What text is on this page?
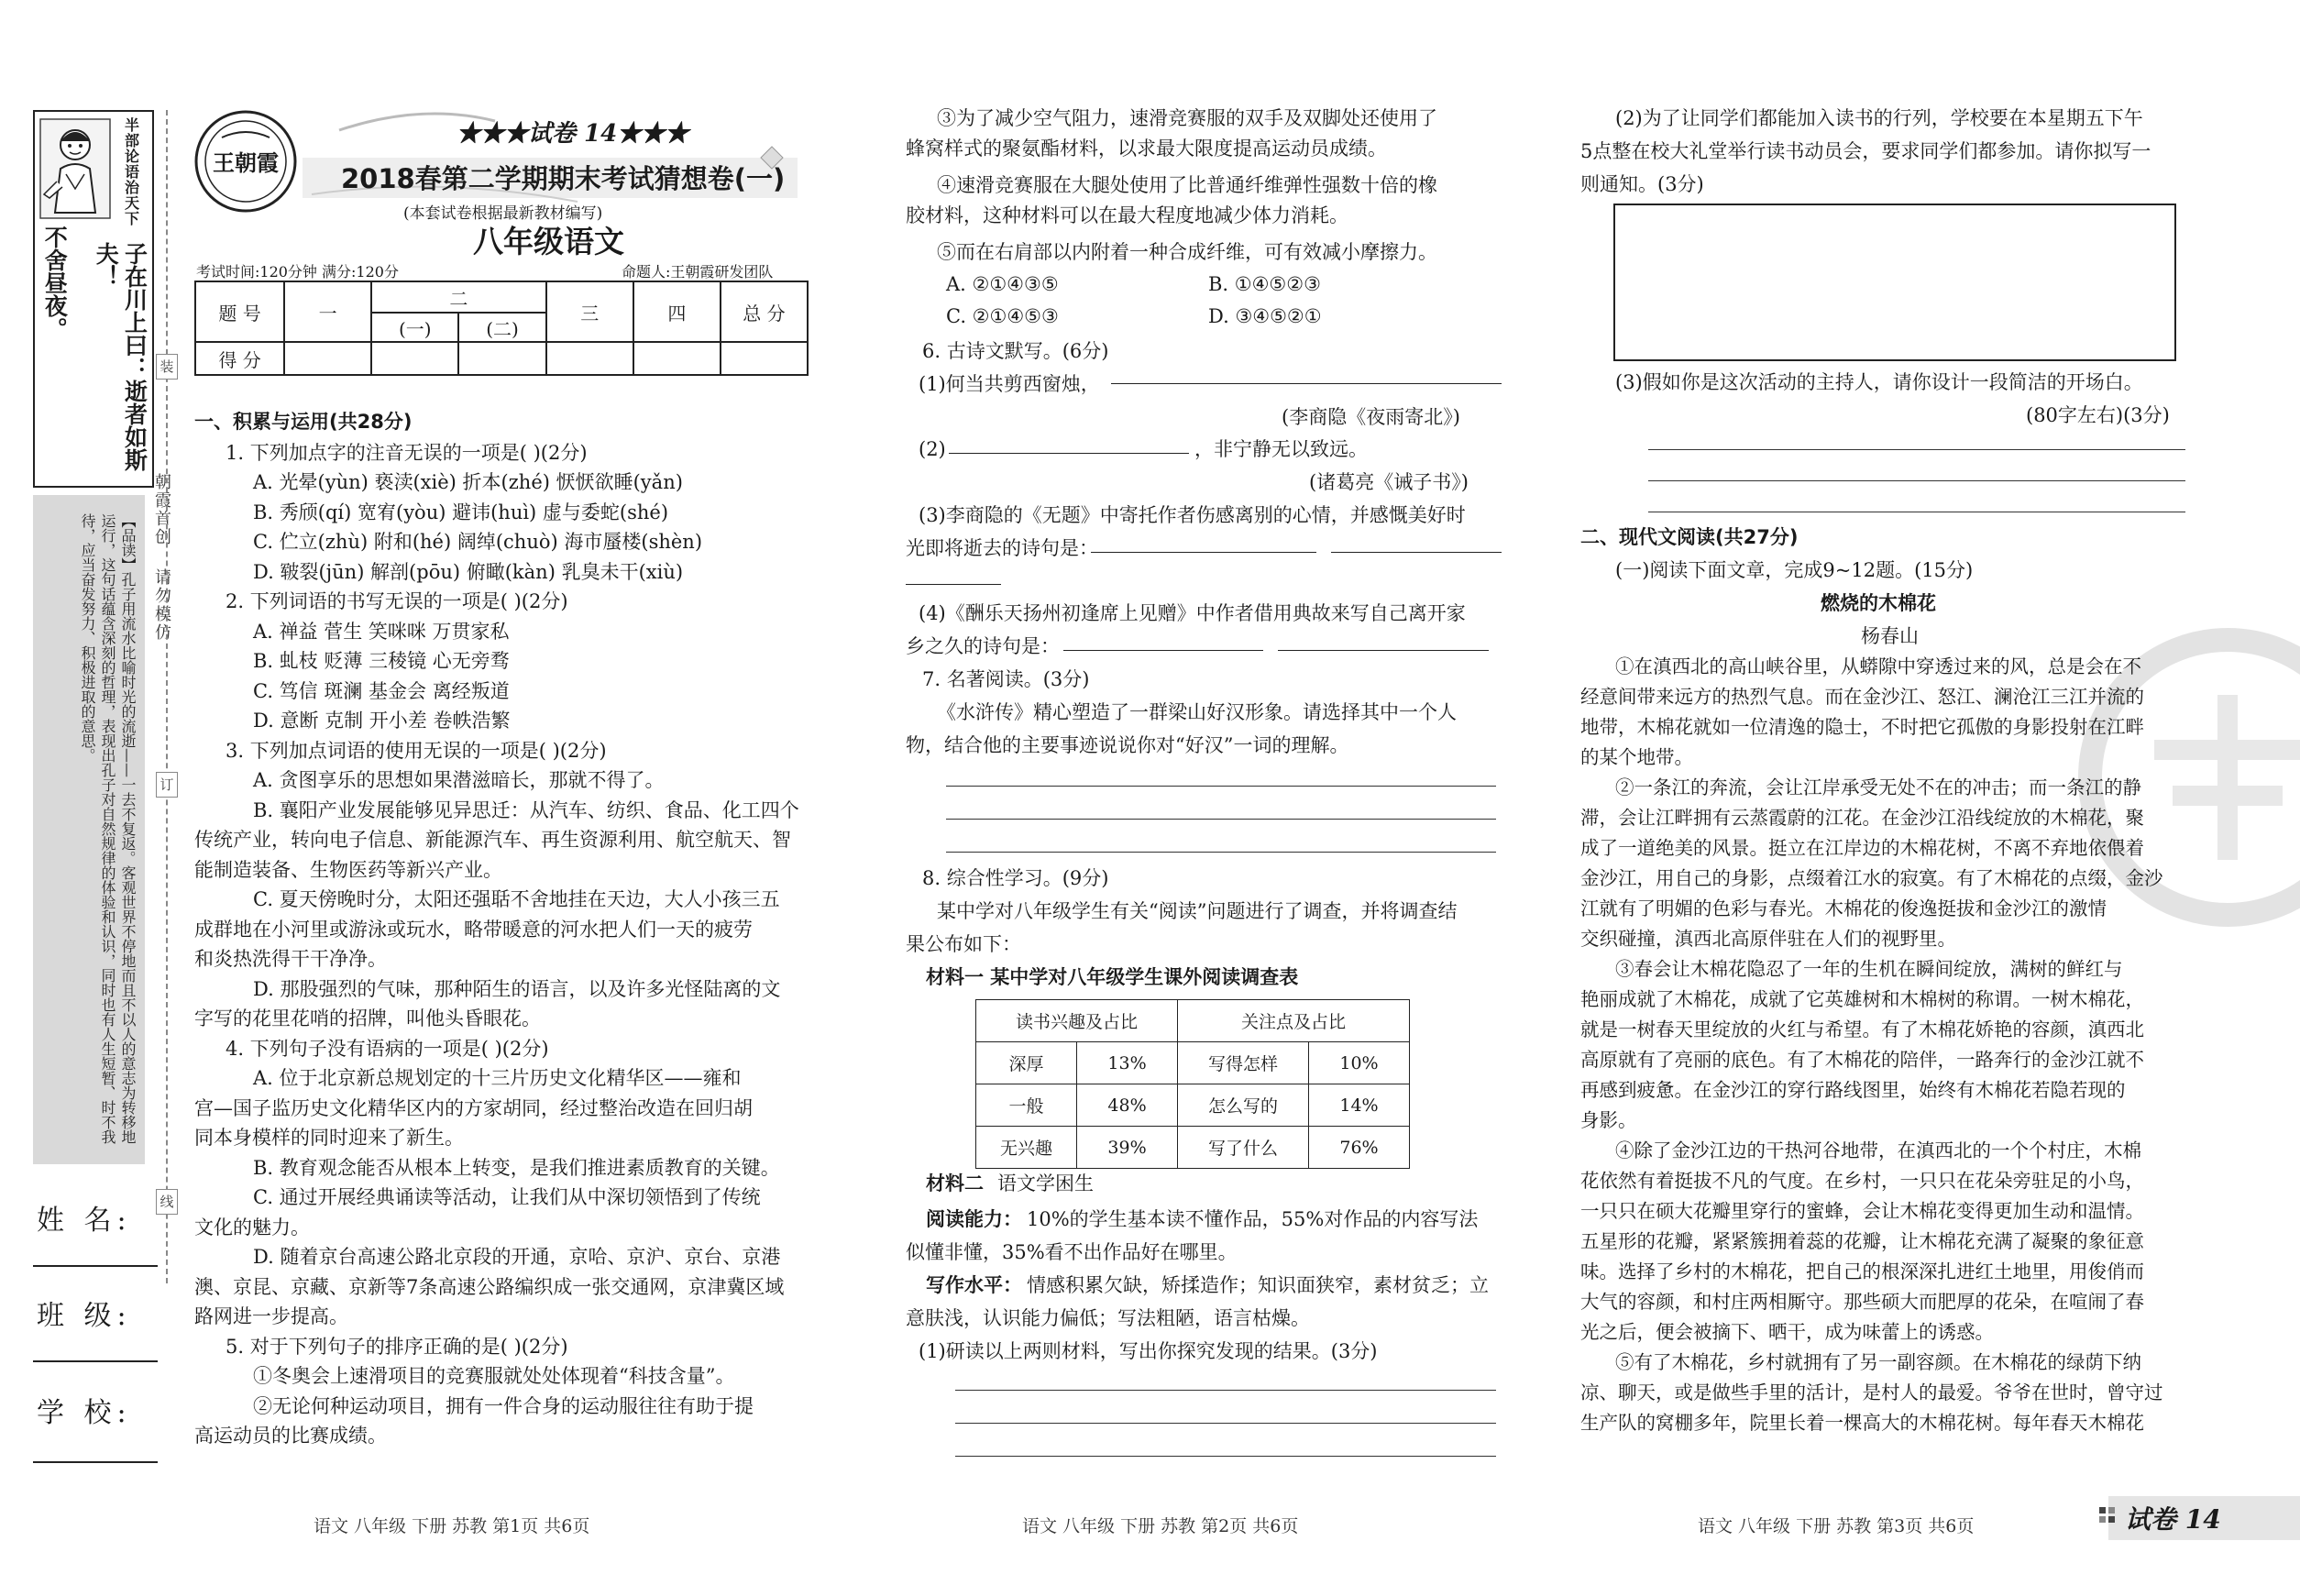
半
部
论
语
治
天
下
不舍昼夜。	子在川上曰：逝者如斯夫！
【品读】孔子用流水比喻时光的流逝——一去不复返。客观世界不停地而且不以人的意志为转移地运行，这句话蕴含深刻的哲理，表现出孔子对自然规律的体验和认识，同时也有人生短暂、时不我待，应当奋发努力、积极进取的意思。
朝霞首创
请勿模仿
装
订
线
姓 名:
班 级:
学 校:
王朝霞
★★★试卷 14★★★
2018春第二学期期末考试猜想卷(一)
(本套试卷根据最新教材编写)
八年级语文
考试时间:120分钟 满分:120分	命题人:王朝霞研发团队
题 号	一	二		三	四	总 分
		(一)	(二)			
得 分						
一、积累与运用(共28分)
1. 下列加点字的注音无误的一项是( )(2分)
A. 光晕(yùn) 亵渎(xiè) 折本(zhé) 恹恹欲睡(yǎn)
B. 秀颀(qí) 宽宥(yòu) 避讳(huì) 虚与委蛇(shé)
C. 伫立(zhù) 附和(hé) 阔绰(chuò) 海市蜃楼(shèn)
D. 皲裂(jūn) 解剖(pōu) 俯瞰(kàn) 乳臭未干(xiù)
2. 下列词语的书写无误的一项是( )(2分)
A. 禅益 菅生 笑咪咪 万贯家私
B. 虬枝 贬薄 三稜镜 心无旁骛
C. 笃信 斑澜 基金会 离经叛道
D. 意断 克制 开小差 卷帙浩繁
3. 下列加点词语的使用无误的一项是( )(2分)
A. 贪图享乐的思想如果潜滋暗长，那就不得了。
B. 襄阳产业发展能够见异思迁：从汽车、纺织、食品、化工四个
传统产业，转向电子信息、新能源汽车、再生资源利用、航空航天、智
能制造装备、生物医药等新兴产业。
C. 夏天傍晚时分，太阳还强聒不舍地挂在天边，大人小孩三五
成群地在小河里或游泳或玩水，略带暖意的河水把人们一天的疲劳
和炎热洗得干干净净。
D. 那股强烈的气味，那种陌生的语言，以及许多光怪陆离的文
字写的花里花哨的招牌，叫他头昏眼花。
4. 下列句子没有语病的一项是( )(2分)
A. 位于北京新总规划定的十三片历史文化精华区——雍和
宫—国子监历史文化精华区内的方家胡同，经过整治改造在回归胡
同本身模样的同时迎来了新生。
B. 教育观念能否从根本上转变，是我们推进素质教育的关键。
C. 通过开展经典诵读等活动，让我们从中深切领悟到了传统
文化的魅力。
D. 随着京台高速公路北京段的开通，京哈、京沪、京台、京港
澳、京昆、京藏、京新等7条高速公路编织成一张交通网，京津冀区域
路网进一步提高。
5. 对于下列句子的排序正确的是( )(2分)
①冬奥会上速滑项目的竞赛服就处处体现着“科技含量”。
②无论何种运动项目，拥有一件合身的运动服往往有助于提
高运动员的比赛成绩。
语文 八年级 下册 苏教 第1页 共6页
③为了减少空气阻力，速滑竞赛服的双手及双脚处还使用了
蜂窝样式的聚氨酯材料，以求最大限度提高运动员成绩。
④速滑竞赛服在大腿处使用了比普通纤维弹性强数十倍的橡
胶材料，这种材料可以在最大程度地减少体力消耗。
⑤而在右肩部以内附着一种合成纤维，可有效减小摩擦力。
A. ②①④③⑤	B. ①④⑤②③
C. ②①④⑤③	D. ③④⑤②①
6. 古诗文默写。(6分)
(1)何当共剪西窗烛，
(李商隐《夜雨寄北》)
(2)	，非宁静无以致远。
(诸葛亮《诫子书》)
(3)李商隐的《无题》中寄托作者伤感离别的心情，并感慨美好时
光即将逝去的诗句是：
(4)《酬乐天扬州初逢席上见赠》中作者借用典故来写自己离开家
乡之久的诗句是：
7. 名著阅读。(3分)
《水浒传》精心塑造了一群梁山好汉形象。请选择其中一个人
物，结合他的主要事迹说说你对“好汉”一词的理解。
8. 综合性学习。(9分)
某中学对八年级学生有关“阅读”问题进行了调查，并将调查结
果公布如下：
材料一 某中学对八年级学生课外阅读调查表
读书兴趣及占比		关注点及占比	
深厚	13%	写得怎样	10%
一般	48%	怎么写的	14%
无兴趣	39%	写了什么	76%
材料二 语文学困生
阅读能力： 10%的学生基本读不懂作品，55%对作品的内容写法
似懂非懂，35%看不出作品好在哪里。
写作水平： 情感积累欠缺，矫揉造作；知识面狭窄，素材贫乏；立
意肤浅，认识能力偏低；写法粗陋，语言枯燥。
(1)研读以上两则材料，写出你探究发现的结果。(3分)
语文 八年级 下册 苏教 第2页 共6页
(2)为了让同学们都能加入读书的行列，学校要在本星期五下午
5点整在校大礼堂举行读书动员会，要求同学们都参加。请你拟写一
则通知。(3分)
(3)假如你是这次活动的主持人，请你设计一段简洁的开场白。
(80字左右)(3分)
二、现代文阅读(共27分)
(一)阅读下面文章，完成9~12题。(15分)
燃烧的木棉花
杨春山
①在滇西北的高山峡谷里，从蟒隙中穿透过来的风，总是会在不
经意间带来远方的热烈气息。而在金沙江、怒江、澜沧江三江并流的
地带，木棉花就如一位清逸的隐士，不时把它孤傲的身影投射在江畔
的某个地带。
②一条江的奔流，会让江岸承受无处不在的冲击；而一条江的静
滞，会让江畔拥有云蒸霞蔚的江花。在金沙江沿线绽放的木棉花，聚
成了一道绝美的风景。挺立在江岸边的木棉花树，不离不弃地依偎着
金沙江，用自己的身影，点缀着江水的寂寞。有了木棉花的点缀，金沙
江就有了明媚的色彩与春光。木棉花的俊逸挺拔和金沙江的激情
交织碰撞，滇西北高原伴驻在人们的视野里。
③春会让木棉花隐忍了一年的生机在瞬间绽放，满树的鲜红与
艳丽成就了木棉花，成就了它英雄树和木棉树的称谓。一树木棉花，
就是一树春天里绽放的火红与希望。有了木棉花娇艳的容颜，滇西北
高原就有了亮丽的底色。有了木棉花的陪伴，一路奔行的金沙江就不
再感到疲惫。在金沙江的穿行路线图里，始终有木棉花若隐若现的
身影。
④除了金沙江边的干热河谷地带，在滇西北的一个个村庄，木棉
花依然有着挺拔不凡的气度。在乡村，一只只在花朵旁驻足的小鸟，
一只只在硕大花瓣里穿行的蜜蜂，会让木棉花变得更加生动和温情。
五星形的花瓣，紧紧簇拥着蕊的花瓣，让木棉花充满了凝聚的象征意
味。选择了乡村的木棉花，把自己的根深深扎进红土地里，用俊俏而
大气的容颜，和村庄两相厮守。那些硕大而肥厚的花朵，在喧闹了春
光之后，便会被摘下、晒干，成为味蕾上的诱惑。
⑤有了木棉花，乡村就拥有了另一副容颜。在木棉花的绿荫下纳
凉、聊天，或是做些手里的活计，是村人的最爱。爷爷在世时，曾守过
生产队的窝棚多年，院里长着一棵高大的木棉花树。每年春天木棉花
语文 八年级 下册 苏教 第3页 共6页	试卷 14
